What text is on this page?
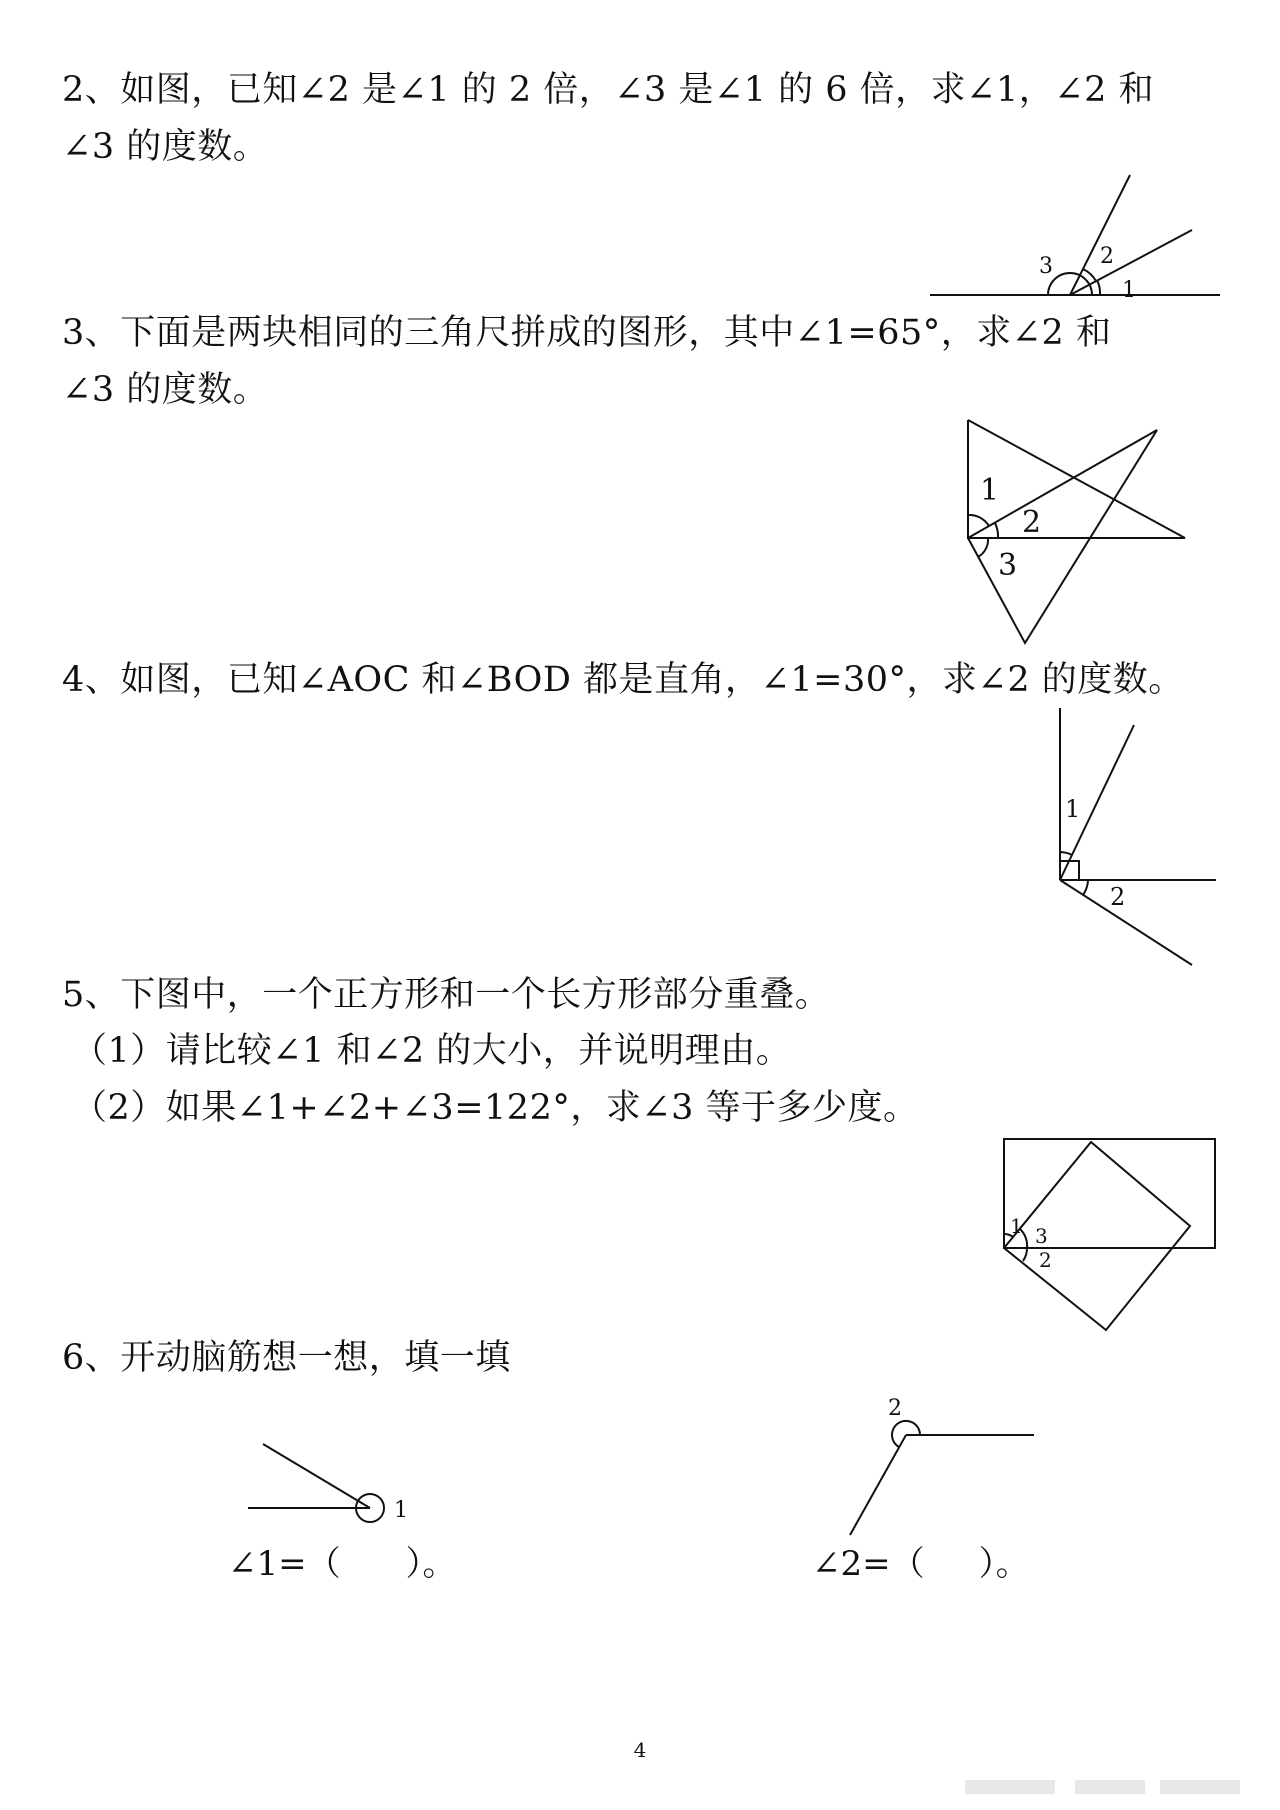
2、如图，已知∠2 是∠1 的 2 倍，∠3 是∠1 的 6 倍，求∠1，∠2 和
∠3 的度数。
1
2
3
3、下面是两块相同的三角尺拼成的图形，其中∠1=65°，求∠2 和
∠3 的度数。
1
2
3
4、如图，已知∠AOC 和∠BOD 都是直角，∠1=30°，求∠2 的度数。
1
2
5、下图中，一个正方形和一个长方形部分重叠。
（1）请比较∠1 和∠2 的大小，并说明理由。
（2）如果∠1+∠2+∠3=122°，求∠3 等于多少度。
1 3
2
6、开动脑筋想一想，填一填
1
∠1=（      ）。
2
∠2=（     ）。
4
